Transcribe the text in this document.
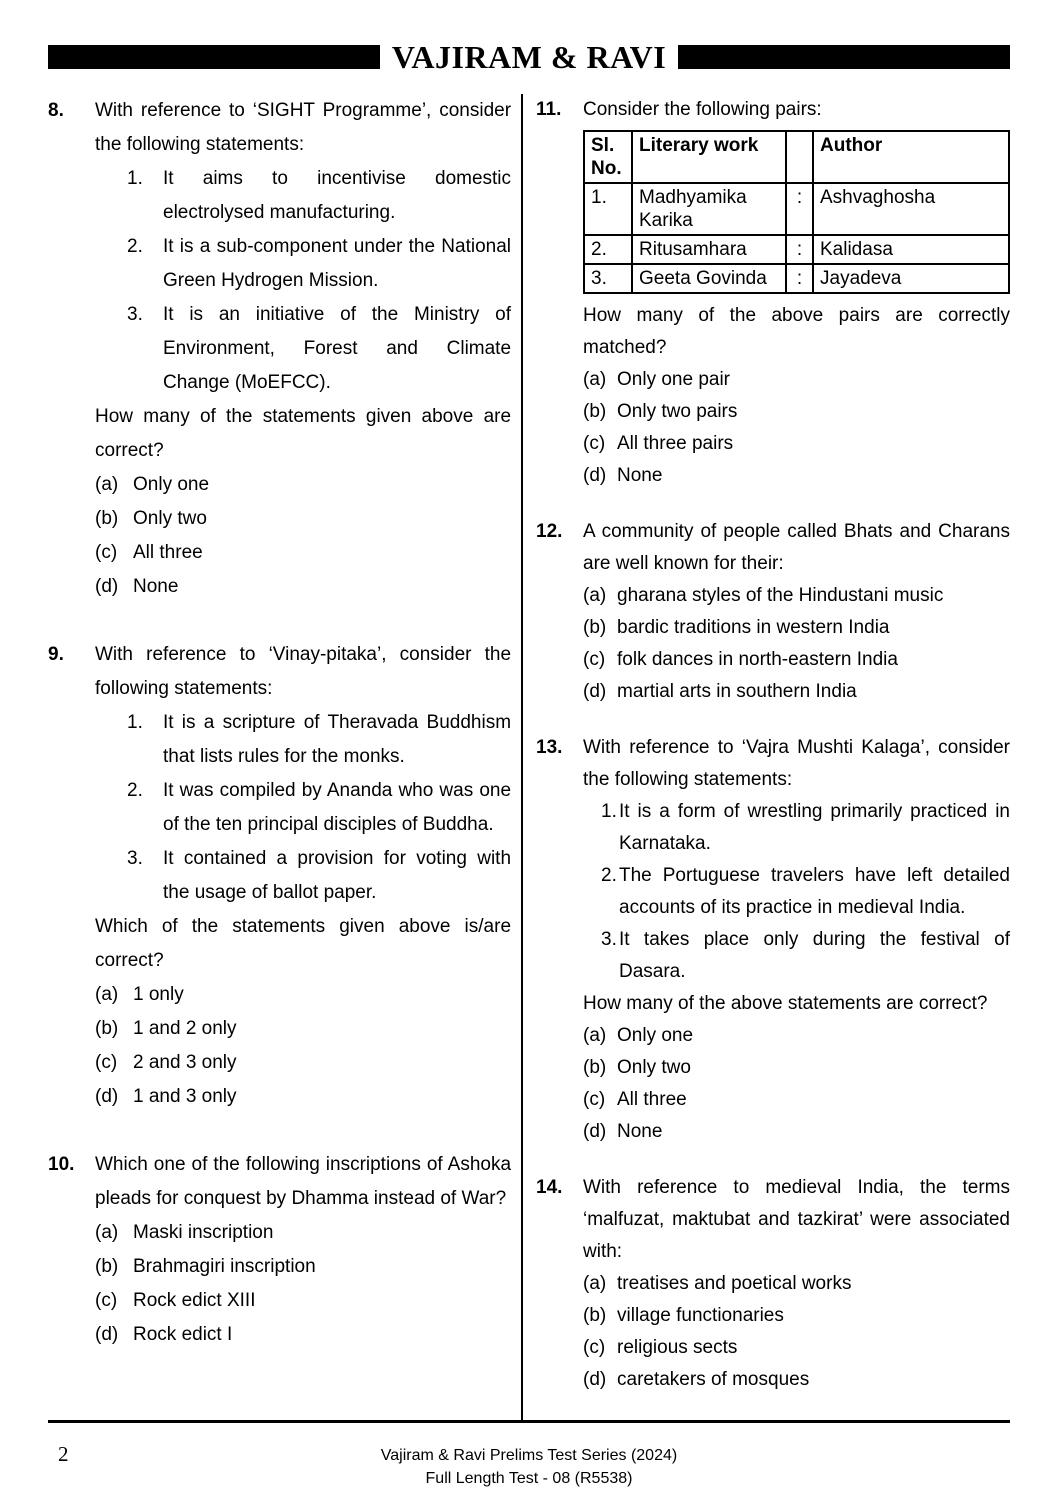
VAJIRAM & RAVI
8.	With reference to ‘SIGHT Programme’, consider the following statements:

1.	It aims to incentivise domestic electrolysed manufacturing.
2.	It is a sub-component under the National Green Hydrogen Mission.
3.	It is an initiative of the Ministry of Environment, Forest and Climate Change (MoEFCC).

How many of the statements given above are correct?

(a) Only one
(b) Only two
(c) All three
(d) None
9.	With reference to ‘Vinay-pitaka’, consider the following statements:

1.	It is a scripture of Theravada Buddhism that lists rules for the monks.
2.	It was compiled by Ananda who was one of the ten principal disciples of Buddha.
3.	It contained a provision for voting with the usage of ballot paper.

Which of the statements given above is/are correct?

(a) 1 only
(b) 1 and 2 only
(c) 2 and 3 only
(d) 1 and 3 only
10.	Which one of the following inscriptions of Ashoka pleads for conquest by Dhamma instead of War?

(a) Maski inscription
(b) Brahmagiri inscription
(c) Rock edict XIII
(d) Rock edict I
11.	Consider the following pairs:

Sl. No.	Literary work		Author
1.	Madhyamika Karika	:	Ashvaghosha
2.	Ritusamhara	:	Kalidasa
3.	Geeta Govinda	:	Jayadeva

How many of the above pairs are correctly matched?

(a) Only one pair
(b) Only two pairs
(c) All three pairs
(d) None
12.	A community of people called Bhats and Charans are well known for their:

(a) gharana styles of the Hindustani music
(b) bardic traditions in western India
(c) folk dances in north-eastern India
(d) martial arts in southern India
13.	With reference to ‘Vajra Mushti Kalaga’, consider the following statements:

1. It is a form of wrestling primarily practiced in Karnataka.
2. The Portuguese travelers have left detailed accounts of its practice in medieval India.
3. It takes place only during the festival of Dasara.

How many of the above statements are correct?

(a) Only one
(b) Only two
(c) All three
(d) None
14.	With reference to medieval India, the terms ‘malfuzat, maktubat and tazkirat’ were associated with:

(a) treatises and poetical works
(b) village functionaries
(c) religious sects
(d) caretakers of mosques
2	Vajiram & Ravi Prelims Test Series (2024)
Full Length Test - 08 (R5538)
